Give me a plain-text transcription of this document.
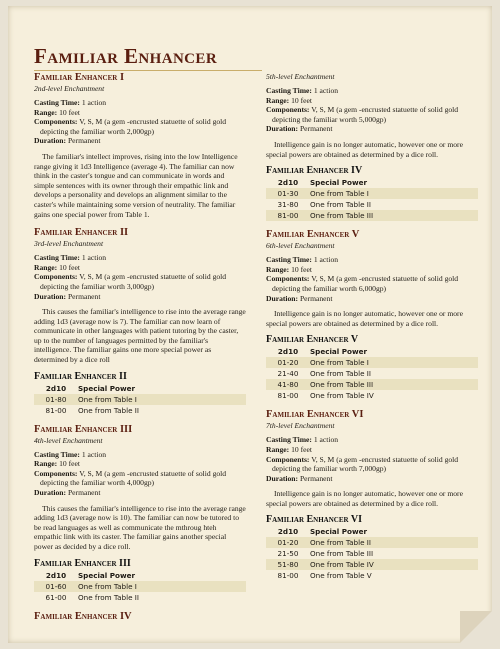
Familiar Enhancer
Familiar Enhancer I
2nd-level Enchantment
Casting Time: 1 action
Range: 10 feet
Components: V, S, M (a gem -encrusted statuette of solid gold depicting the familiar worth 2,000gp)
Duration: Permanent
The familiar's intellect improves, rising into the low Intelligence range giving it 1d3 Intelligence (average 4). The familiar can now think in the caster's tongue and can communicate in words and simple sentences with its owner through their empathic link and develops a personality and develops an alignment similar to the caster's while maintaining some version of neutrality. The familiar gains one special power from Table 1.
Familiar Enhancer II
3rd-level Enchantment
Casting Time: 1 action
Range: 10 feet
Components: V, S, M (a gem -encrusted statuette of solid gold depicting the familiar worth 3,000gp)
Duration: Permanent
This causes the familiar's intelligence to rise into the average range adding 1d3 (average now is 7). The familiar can now learn of communicate in other languages with patient tutoring by the caster, up to the number of languages permitted by the familiar's intelligence. The familiar gains one more special power as determined by a dice roll
Familiar Enhancer II
2d10	Special Power
01-80	One from Table I
81-00	One from Table II
Familiar Enhancer III
4th-level Enchantment
Casting Time: 1 action
Range: 10 feet
Components: V, S, M (a gem -encrusted statuette of solid gold depicting the familiar worth 4,000gp)
Duration: Permanent
This causes the familiar's intelligence to rise into the average range adding 1d3 (average now is 10). The familiar can now be tutored to be read languages as well as communicate the mthroug hteh empathic link with its caster. The familiar gains another special power as decided by a dice roll.
Familiar Enhancer III
2d10	Special Power
01-60	One from Table I
61-00	One from Table II
Familiar Enhancer IV
5th-level Enchantment
Casting Time: 1 action
Range: 10 feet
Components: V, S, M (a gem -encrusted statuette of solid gold depicting the familiar worth 5,000gp)
Duration: Permanent
Intelligence gain is no longer automatic, however one or more special powers are obtained as determined by a dice roll.
Familiar Enhancer IV
2d10	Special Power
01-30	One from Table I
31-80	One from Table II
81-00	One from Table III
Familiar Enhancer V
6th-level Enchantment
Casting Time: 1 action
Range: 10 feet
Components: V, S, M (a gem -encrusted statuette of solid gold depicting the familiar worth 6,000gp)
Duration: Permanent
Intelligence gain is no longer automatic, however one or more special powers are obtained as determined by a dice roll.
Familiar Enhancer V
2d10	Special Power
01-20	One from Table I
21-40	One from Table II
41-80	One from Table III
81-00	One from Table IV
Familiar Enhancer VI
7th-level Enchantment
Casting Time: 1 action
Range: 10 feet
Components: V, S, M (a gem -encrusted statuette of solid gold depicting the familiar worth 7,000gp)
Duration: Permanent
Intelligence gain is no longer automatic, however one or more special powers are obtained as determined by a dice roll.
Familiar Enhancer VI
2d10	Special Power
01-20	One from Table II
21-50	One from Table III
51-80	One from Table IV
81-00	One from Table V
